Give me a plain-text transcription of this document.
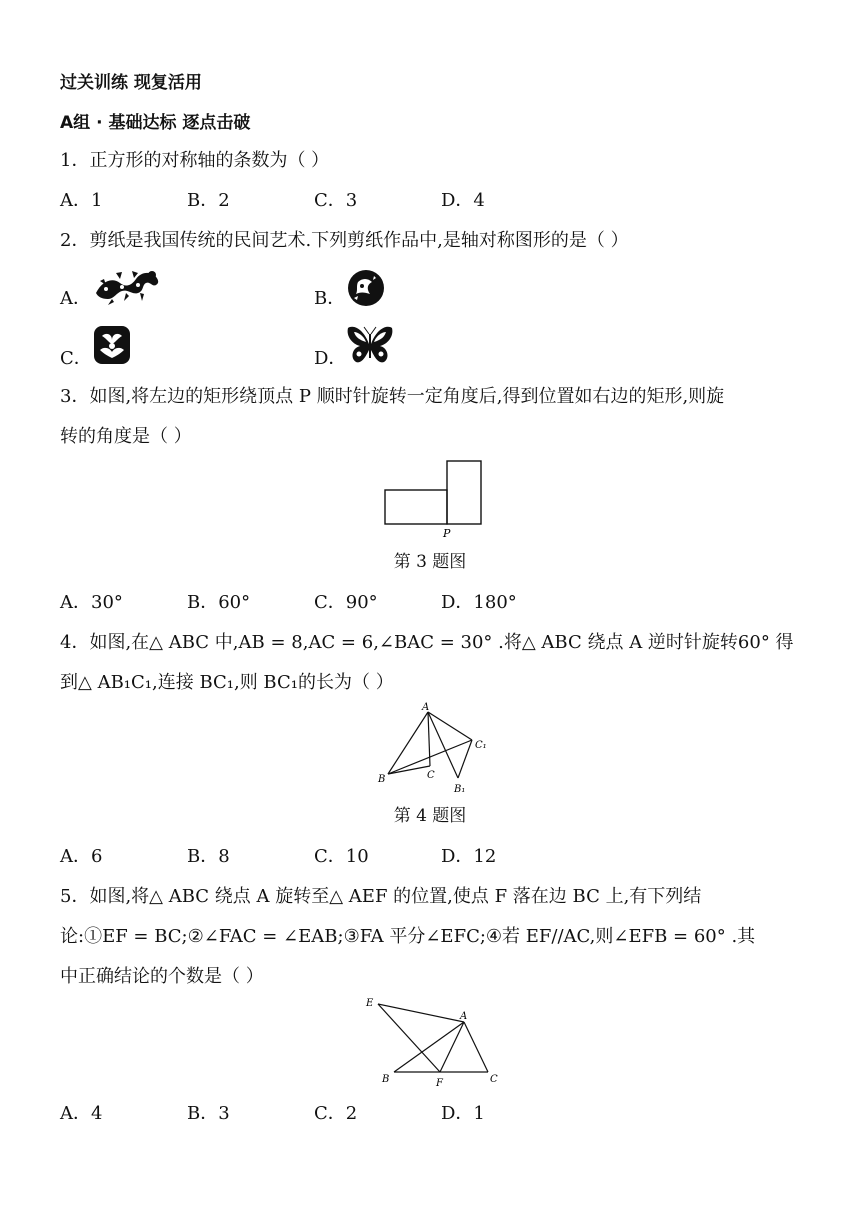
过关训练 现复活用
A组 · 基础达标 逐点击破
1．正方形的对称轴的条数为（ ）
A．1	B．2	C．3	D．4
2．剪纸是我国传统的民间艺术.下列剪纸作品中,是轴对称图形的是（ ）
A．	B．
C．	D．
3．如图,将左边的矩形绕顶点 P 顺时针旋转一定角度后,得到位置如右边的矩形,则旋
转的角度是（ ）
P
第 3 题图
A．30°	B．60°	C．90°	D．180°
4．如图,在△ ABC 中,AB = 8,AC = 6,∠BAC = 30° .将△ ABC 绕点 A 逆时针旋转60° 得
到△ AB₁C₁,连接 BC₁,则 BC₁的长为（ ）
A
B	C
C₁
B₁
第 4 题图
A．6	B．8	C．10	D．12
5．如图,将△ ABC 绕点 A 旋转至△ AEF 的位置,使点 F 落在边 BC 上,有下列结
论:①EF = BC;②∠FAC = ∠EAB;③FA 平分∠EFC;④若 EF//AC,则∠EFB = 60° .其
中正确结论的个数是（ ）
E
A
B	F	C
A．4	B．3	C．2	D．1
